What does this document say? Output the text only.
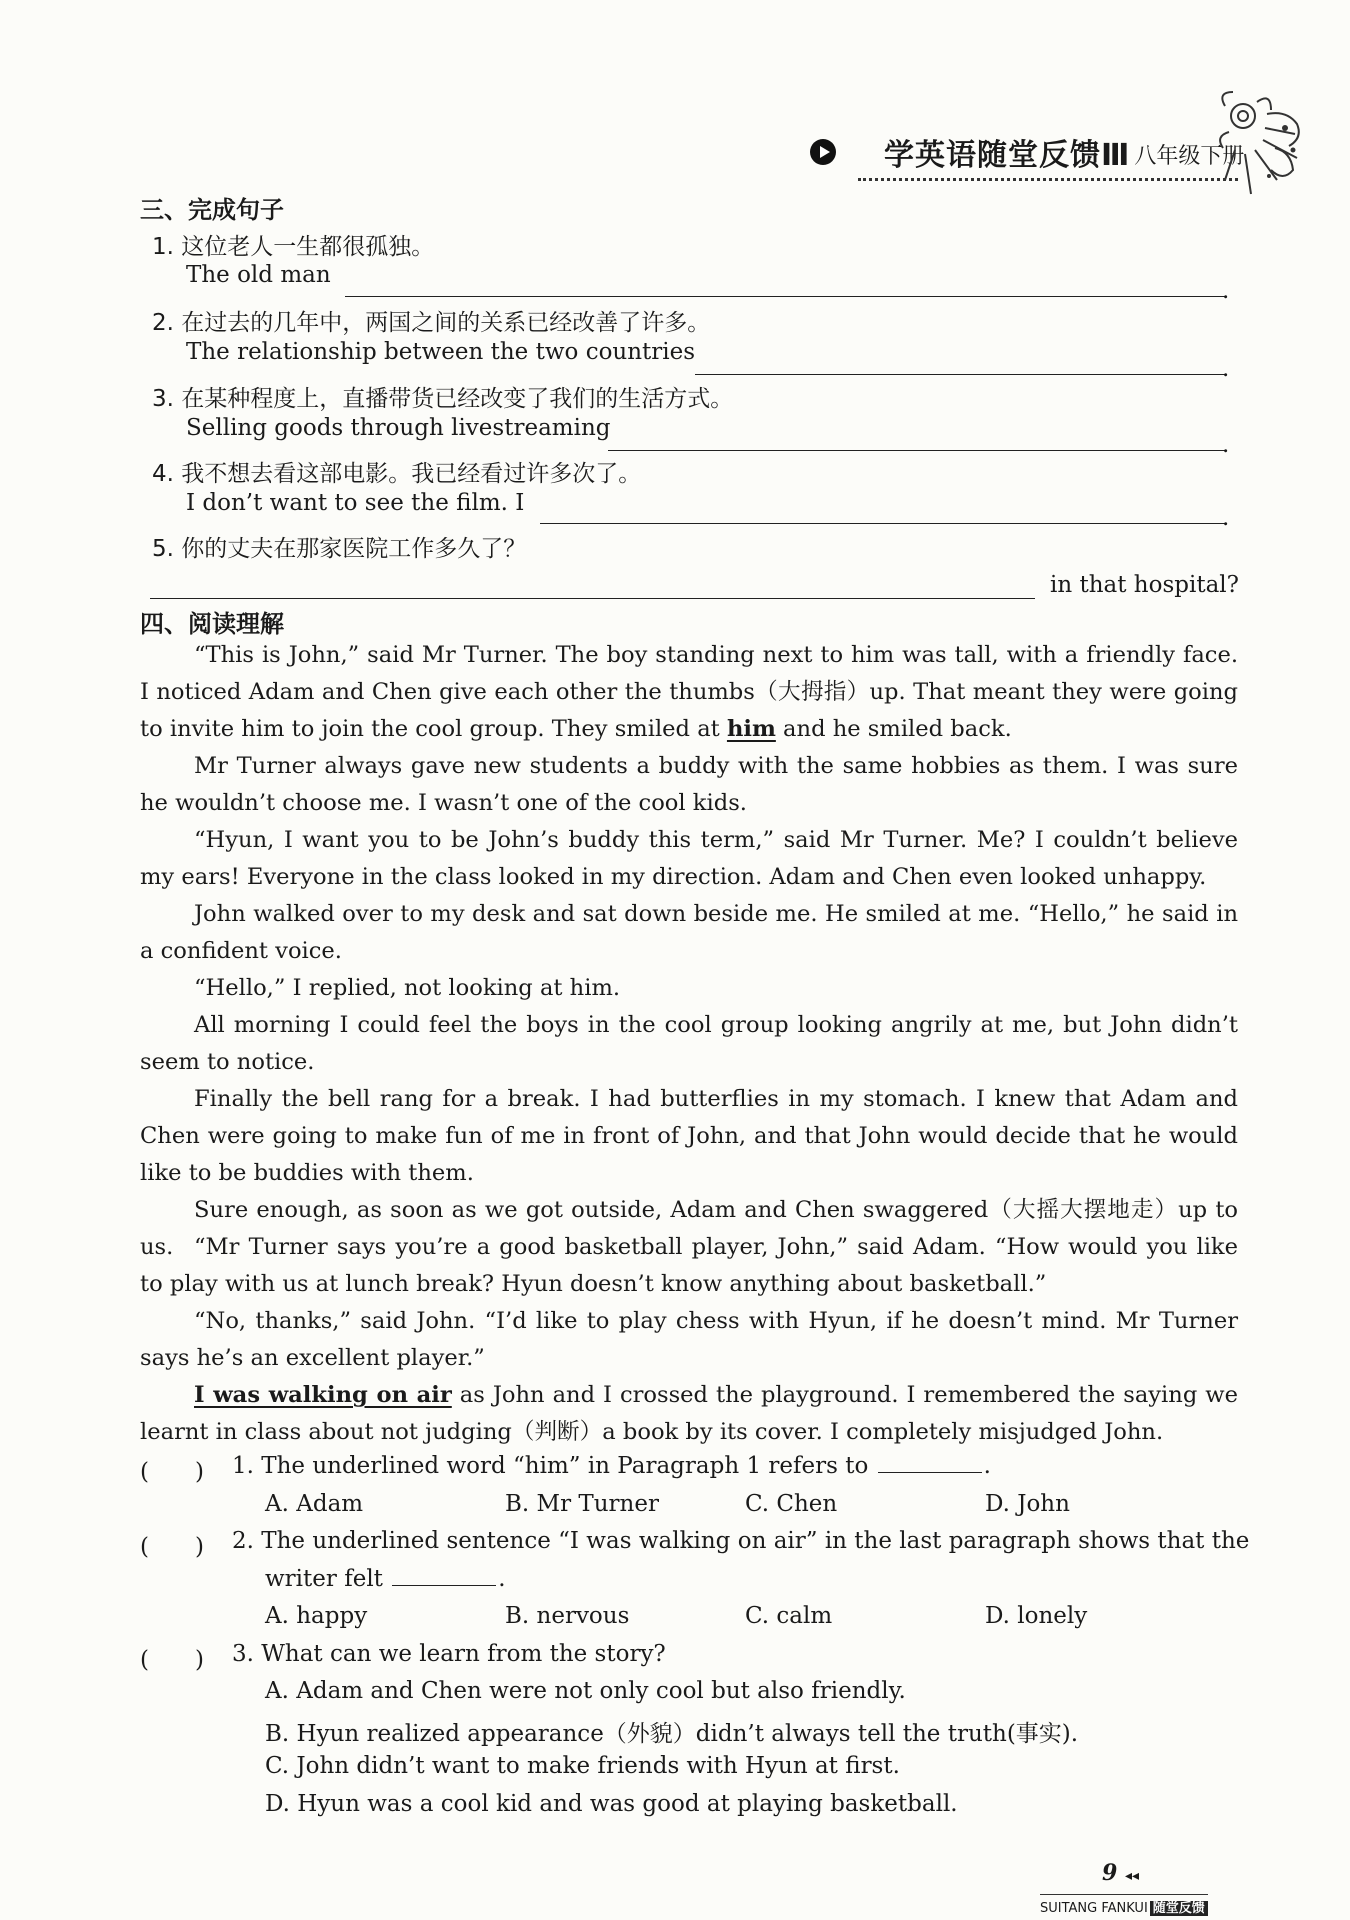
学英语随堂反馈Ⅲ 八年级下册
三、完成句子
1. 这位老人一生都很孤独。
The old man
.
2. 在过去的几年中，两国之间的关系已经改善了许多。
The relationship between the two countries
.
3. 在某种程度上，直播带货已经改变了我们的生活方式。
Selling goods through livestreaming
.
4. 我不想去看这部电影。我已经看过许多次了。
I don’t want to see the film. I
.
5. 你的丈夫在那家医院工作多久了？
in that hospital?
四、阅读理解
“This is John,” said Mr Turner. The boy standing next to him was tall, with a friendly face. I noticed Adam and Chen give each other the thumbs（大拇指）up. That meant they were going to invite him to join the cool group. They smiled at him and he smiled back.
Mr Turner always gave new students a buddy with the same hobbies as them. I was sure he wouldn’t choose me. I wasn’t one of the cool kids.
“Hyun, I want you to be John’s buddy this term,” said Mr Turner. Me? I couldn’t believe my ears! Everyone in the class looked in my direction. Adam and Chen even looked unhappy.
John walked over to my desk and sat down beside me. He smiled at me. “Hello,” he said in a confident voice.
“Hello,” I replied, not looking at him.
All morning I could feel the boys in the cool group looking angrily at me, but John didn’t seem to notice.
Finally the bell rang for a break. I had butterflies in my stomach. I knew that Adam and Chen were going to make fun of me in front of John, and that John would decide that he would like to be buddies with them.
Sure enough, as soon as we got outside, Adam and Chen swaggered（大摇大摆地走）up to us. “Mr Turner says you’re a good basketball player, John,” said Adam. “How would you like to play with us at lunch break? Hyun doesn’t know anything about basketball.”
“No, thanks,” said John. “I’d like to play chess with Hyun, if he doesn’t mind. Mr Turner says he’s an excellent player.”
I was walking on air as John and I crossed the playground. I remembered the saying we learnt in class about not judging（判断）a book by its cover. I completely misjudged John.
(　　) 1. The underlined word “him” in Paragraph 1 refers to	.
A. Adam	B. Mr Turner	C. Chen	D. John
(　　) 2. The underlined sentence “I was walking on air” in the last paragraph shows that the
writer felt	.
A. happy	B. nervous	C. calm	D. lonely
(　　) 3. What can we learn from the story?
A. Adam and Chen were not only cool but also friendly.
B. Hyun realized appearance（外貌）didn’t always tell the truth(事实).
C. John didn’t want to make friends with Hyun at first.
D. Hyun was a cool kid and was good at playing basketball.
9 ◂◂
SUITANG FANKUI 随堂反馈
